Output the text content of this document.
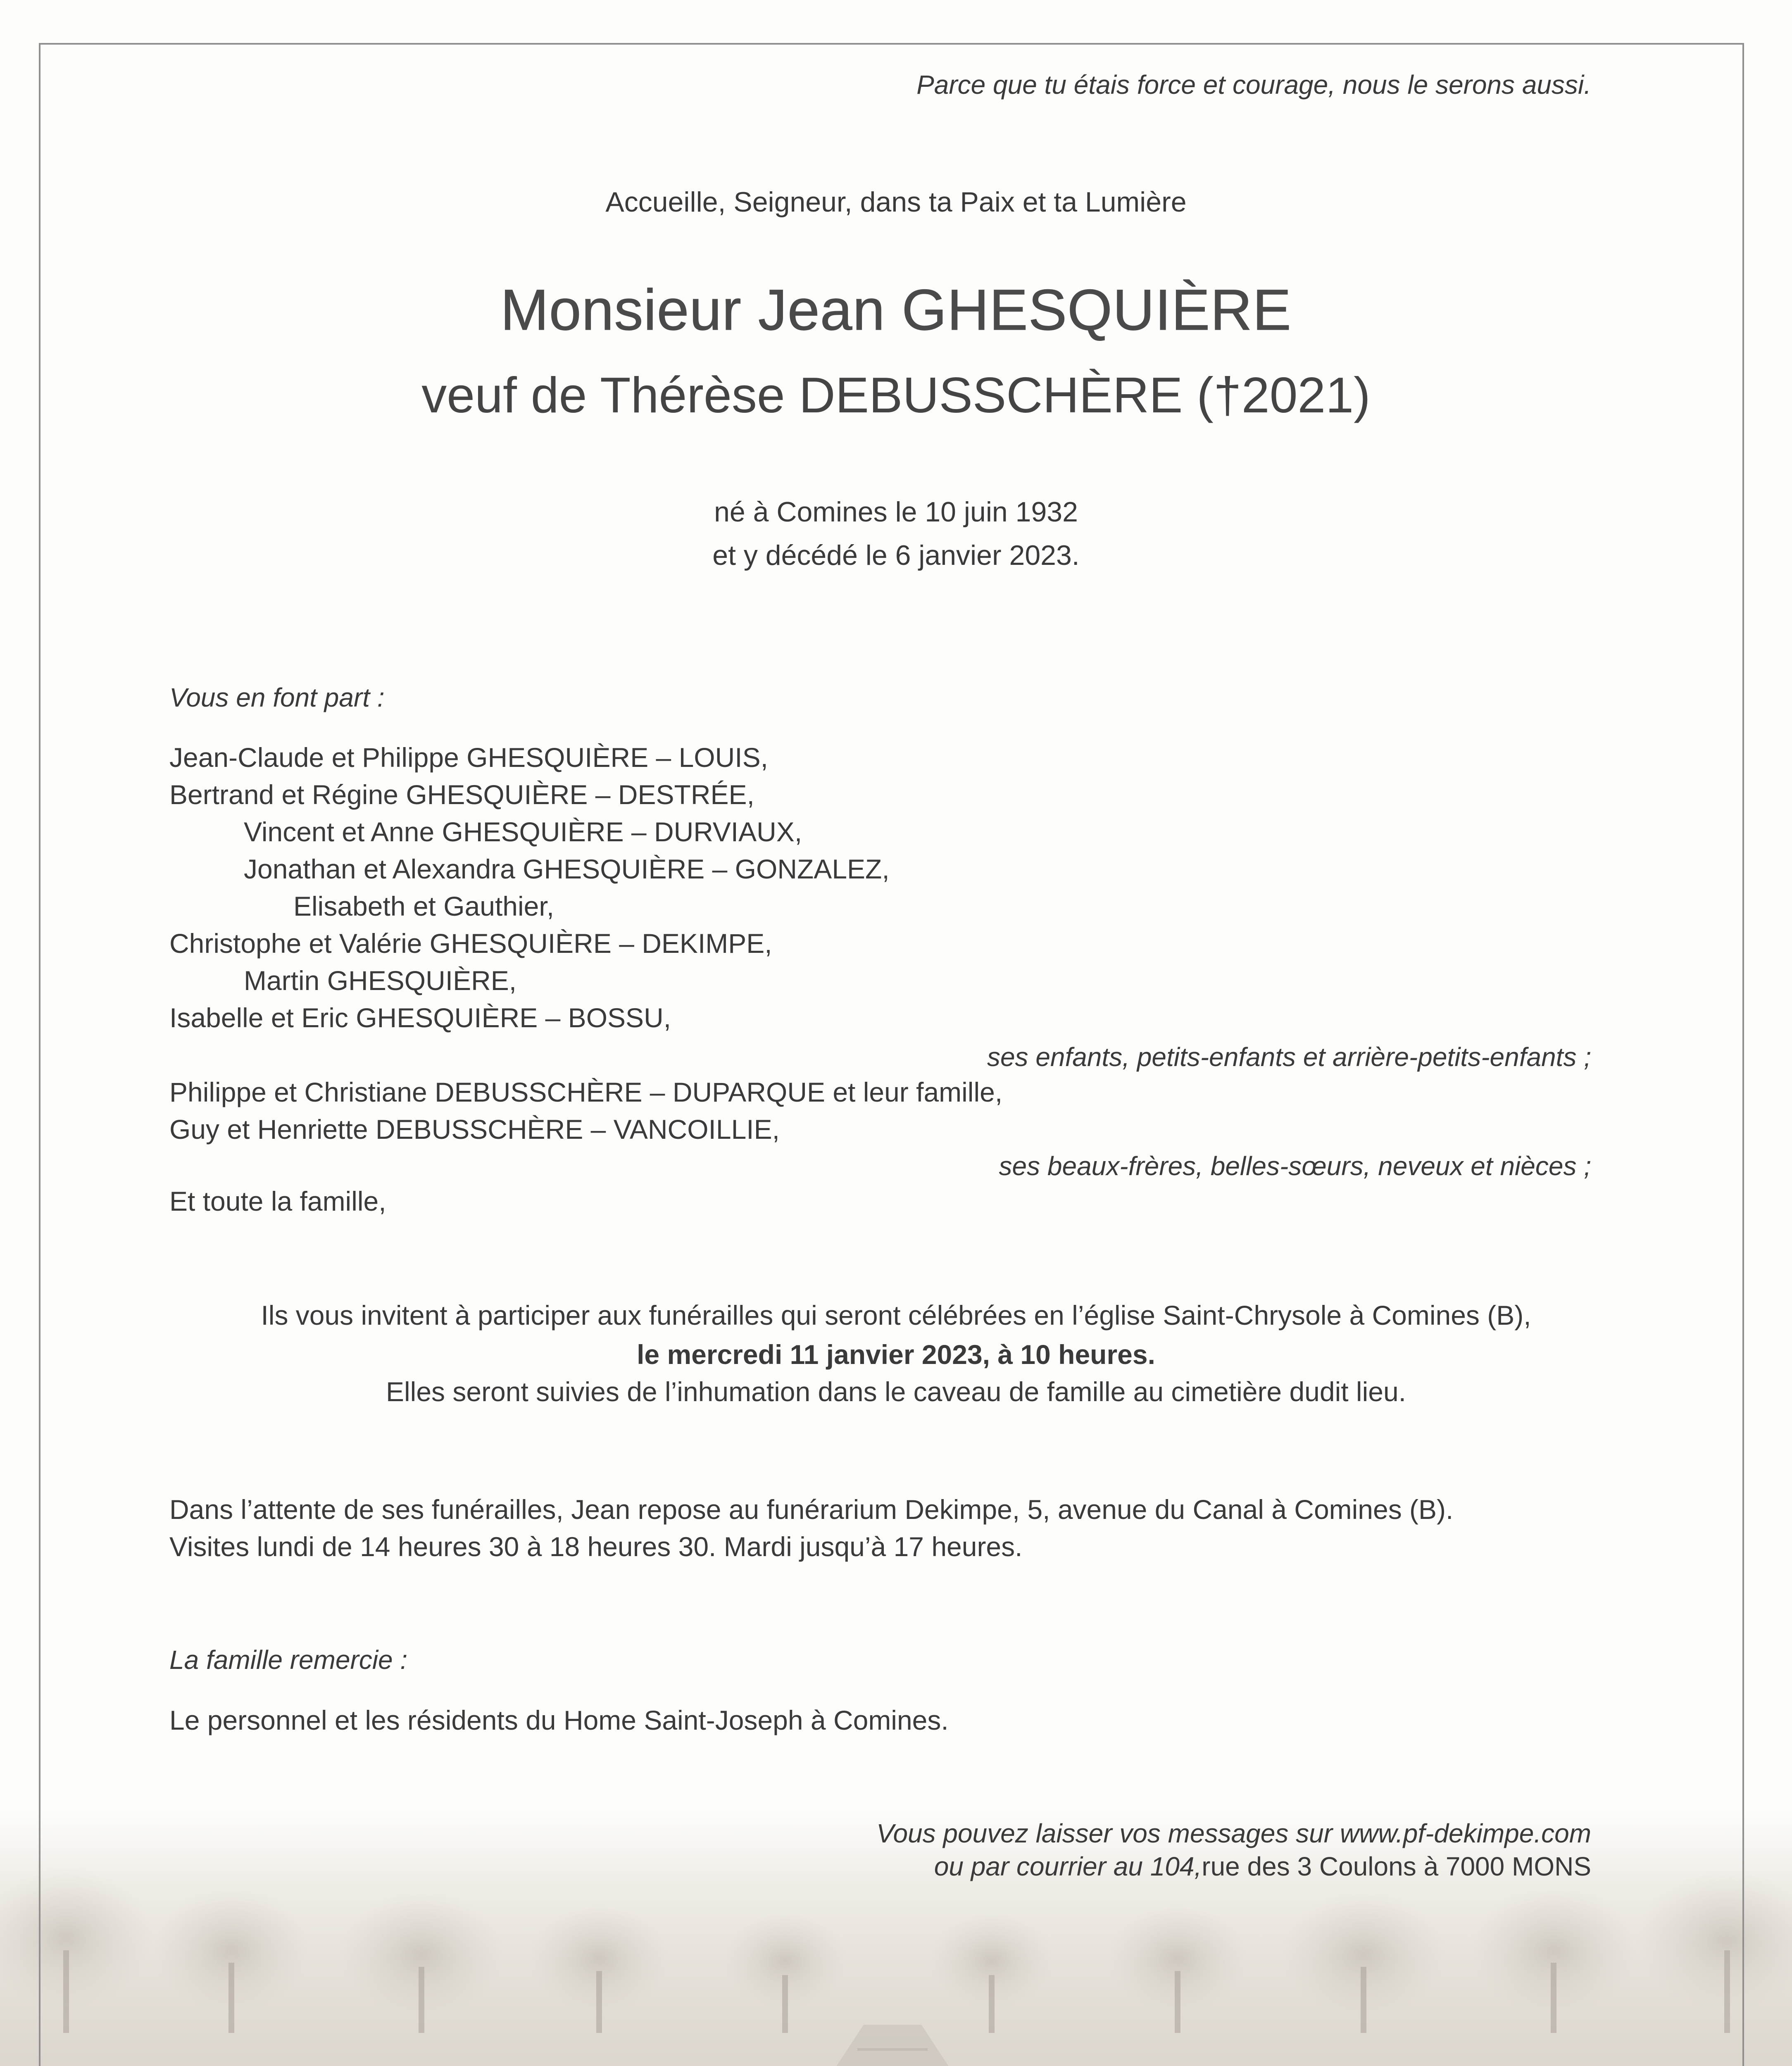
Parce que tu étais force et courage, nous le serons aussi.
Accueille, Seigneur, dans ta Paix et ta Lumière
Monsieur Jean GHESQUIÈRE
veuf de Thérèse DEBUSSCHÈRE (†2021)
né à Comines le 10 juin 1932
et y décédé le 6 janvier 2023.
Vous en font part :
Jean-Claude et Philippe GHESQUIÈRE – LOUIS,
Bertrand et Régine GHESQUIÈRE – DESTRÉE,
Vincent et Anne GHESQUIÈRE – DURVIAUX,
Jonathan et Alexandra GHESQUIÈRE – GONZALEZ,
Elisabeth et Gauthier,
Christophe et Valérie GHESQUIÈRE – DEKIMPE,
Martin GHESQUIÈRE,
Isabelle et Eric GHESQUIÈRE – BOSSU,
ses enfants, petits-enfants et arrière-petits-enfants ;
Philippe et Christiane DEBUSSCHÈRE – DUPARQUE et leur famille,
Guy et Henriette DEBUSSCHÈRE – VANCOILLIE,
ses beaux-frères, belles-sœurs, neveux et nièces ;
Et toute la famille,
Ils vous invitent à participer aux funérailles qui seront célébrées en l’église Saint-Chrysole à Comines (B),
le mercredi 11 janvier 2023, à 10 heures.
Elles seront suivies de l’inhumation dans le caveau de famille au cimetière dudit lieu.
Dans l’attente de ses funérailles, Jean repose au funérarium Dekimpe, 5, avenue du Canal à Comines (B).
Visites lundi de 14 heures 30 à 18 heures 30. Mardi jusqu’à 17 heures.
La famille remercie :
Le personnel et les résidents du Home Saint-Joseph à Comines.
Vous pouvez laisser vos messages sur www.pf-dekimpe.com
ou par courrier au 104,rue des 3 Coulons à 7000 MONS
